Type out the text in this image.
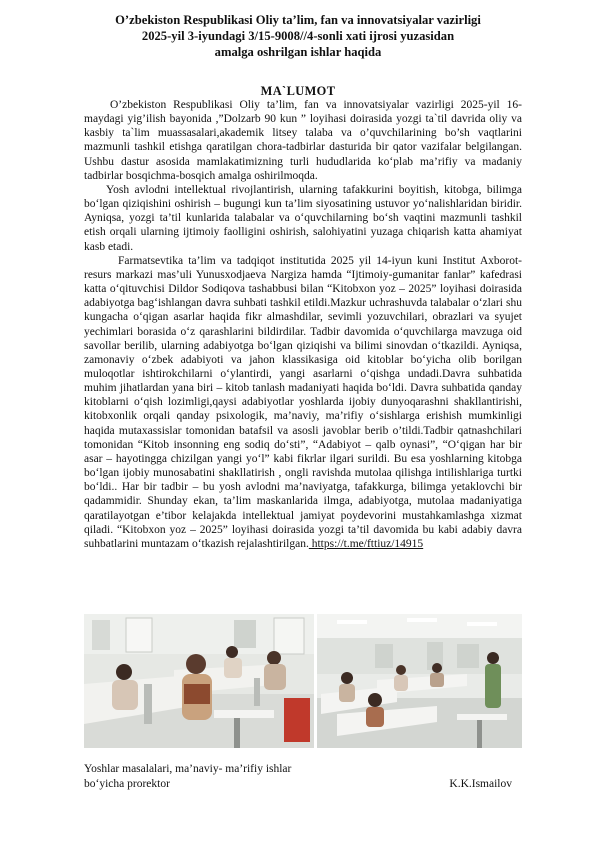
O’zbekiston Respublikasi Oliy ta’lim, fan va innovatsiyalar vazirligi
2025-yil 3-iyundagi 3/15-9008//4-sonli xati ijrosi yuzasidan
amalga oshrilgan ishlar haqida
MA`LUMOT

O’zbekiston Respublikasi Oliy ta’lim, fan va innovatsiyalar vazirligi 2025-yil 16-maydagi yig’ilish bayonida ,”Dolzarb 90 kun ” loyihasi doirasida yozgi ta`til davrida oliy va kasbiy ta`lim muassasalari,akademik litsey talaba va o’quvchilarining bo’sh vaqtlarini mazmunli tashkil etishga qaratilgan chora-tadbirlar dasturida bir qator vazifalar belgilangan. Ushbu dastur asosida mamlakatimizning turli hududlarida ko‘plab ma’rifiy va madaniy tadbirlar bosqichma-bosqich amalga oshirilmoqda.

Yosh avlodni intellektual rivojlantirish, ularning tafakkurini boyitish, kitobga, bilimga bo‘lgan qiziqishini oshirish – bugungi kun ta’lim siyosatining ustuvor yo‘nalishlaridan biridir. Ayniqsa, yozgi ta’til kunlarida talabalar va o‘quvchilarning bo‘sh vaqtini mazmunli tashkil etish orqali ularning ijtimoiy faolligini oshirish, salohiyatini yuzaga chiqarish katta ahamiyat kasb etadi.

Farmatsevtika ta’lim va tadqiqot institutida 2025 yil 14-iyun kuni Institut Axborot-resurs markazi mas’uli Yunusxodjaeva Nargiza hamda “Ijtimoiy-gumanitar fanlar” kafedrasi katta o‘qituvchisi Dildor Sodiqova tashabbusi bilan “Kitobxon yoz – 2025” loyihasi doirasida adabiyotga bag‘ishlangan davra suhbati tashkil etildi.Mazkur uchrashuvda talabalar o‘zlari shu kungacha o‘qigan asarlar haqida fikr almashdilar, sevimli yozuvchilari, obrazlari va syujet yechimlari borasida o‘z qarashlarini bildirdilar. Tadbir davomida o‘quvchilarga mavzuga oid savollar berilib, ularning adabiyotga bo‘lgan qiziqishi va bilimi sinovdan o‘tkazildi. Ayniqsa, zamonaviy o‘zbek adabiyoti va jahon klassikasiga oid kitoblar bo‘yicha olib borilgan muloqotlar ishtirokchilarni o‘ylantirdi, yangi asarlarni o‘qishga undadi.Davra suhbatida muhim jihatlardan yana biri – kitob tanlash madaniyati haqida bo‘ldi. Davra suhbatida qanday kitoblarni o‘qish lozimligi,qaysi adabiyotlar yoshlarda ijobiy dunyoqarashni shakllantirishi, kitobxonlik orqali qanday psixologik, ma’naviy, ma’rifiy o‘sishlarga erishish mumkinligi haqida mutaxassislar tomonidan batafsil va asosli javoblar berib o’tildi.Tadbir qatnashchilari tomonidan “Kitob insonning eng sodiq do‘sti”, “Adabiyot – qalb oynasi”, “O‘qigan har bir asar – hayotingga chizilgan yangi yo‘l” kabi fikrlar ilgari surildi. Bu esa yoshlarning kitobga bo‘lgan ijobiy munosabatini shakllatirish , ongli ravishda mutolaa qilishga intilishlariga turtki bo‘ldi.. Har bir tadbir – bu yosh avlodni ma’naviyatga, tafakkurga, bilimga yetaklovchi bir qadammidir. Shunday ekan, ta’lim maskanlarida ilmga, adabiyotga, mutolaa madaniyatiga qaratilayotgan e’tibor kelajakda intellektual jamiyat poydevorini mustahkamlashga xizmat qiladi. “Kitobxon yoz – 2025” loyihasi doirasida yozgi ta’til davomida bu kabi adabiy davra suhbatlarini muntazam o‘tkazish rejalashtirilgan. https://t.me/fttiuz/14915

Yoshlar masalalari, ma’naviy- ma’rifiy ishlar
bo‘yicha prorektor	K.K.Ismailov
